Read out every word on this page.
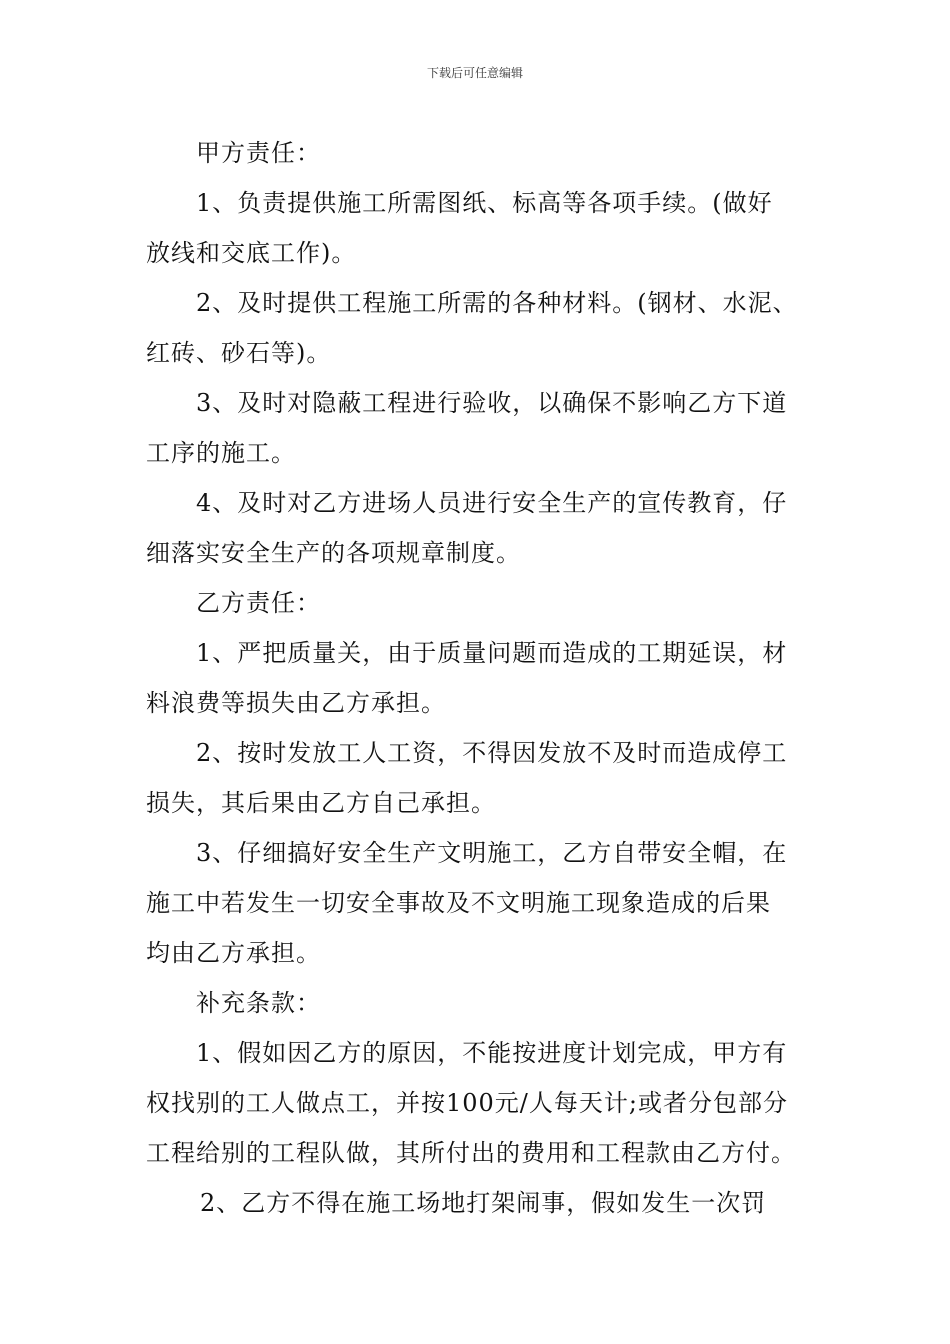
下载后可任意编辑

甲方责任：

1、负责提供施工所需图纸、标高等各项手续。(做好
放线和交底工作)。

2、及时提供工程施工所需的各种材料。(钢材、水泥、
红砖、砂石等)。

3、及时对隐蔽工程进行验收，以确保不影响乙方下道
工序的施工。

4、及时对乙方进场人员进行安全生产的宣传教育，仔
细落实安全生产的各项规章制度。

乙方责任：

1、严把质量关，由于质量问题而造成的工期延误，材
料浪费等损失由乙方承担。

2、按时发放工人工资，不得因发放不及时而造成停工
损失，其后果由乙方自己承担。

3、仔细搞好安全生产文明施工，乙方自带安全帽，在
施工中若发生一切安全事故及不文明施工现象造成的后果
均由乙方承担。

补充条款：

1、假如因乙方的原因，不能按进度计划完成，甲方有
权找别的工人做点工，并按100元/人每天计;或者分包部分
工程给别的工程队做，其所付出的费用和工程款由乙方付。

2、乙方不得在施工场地打架闹事，假如发生一次罚
